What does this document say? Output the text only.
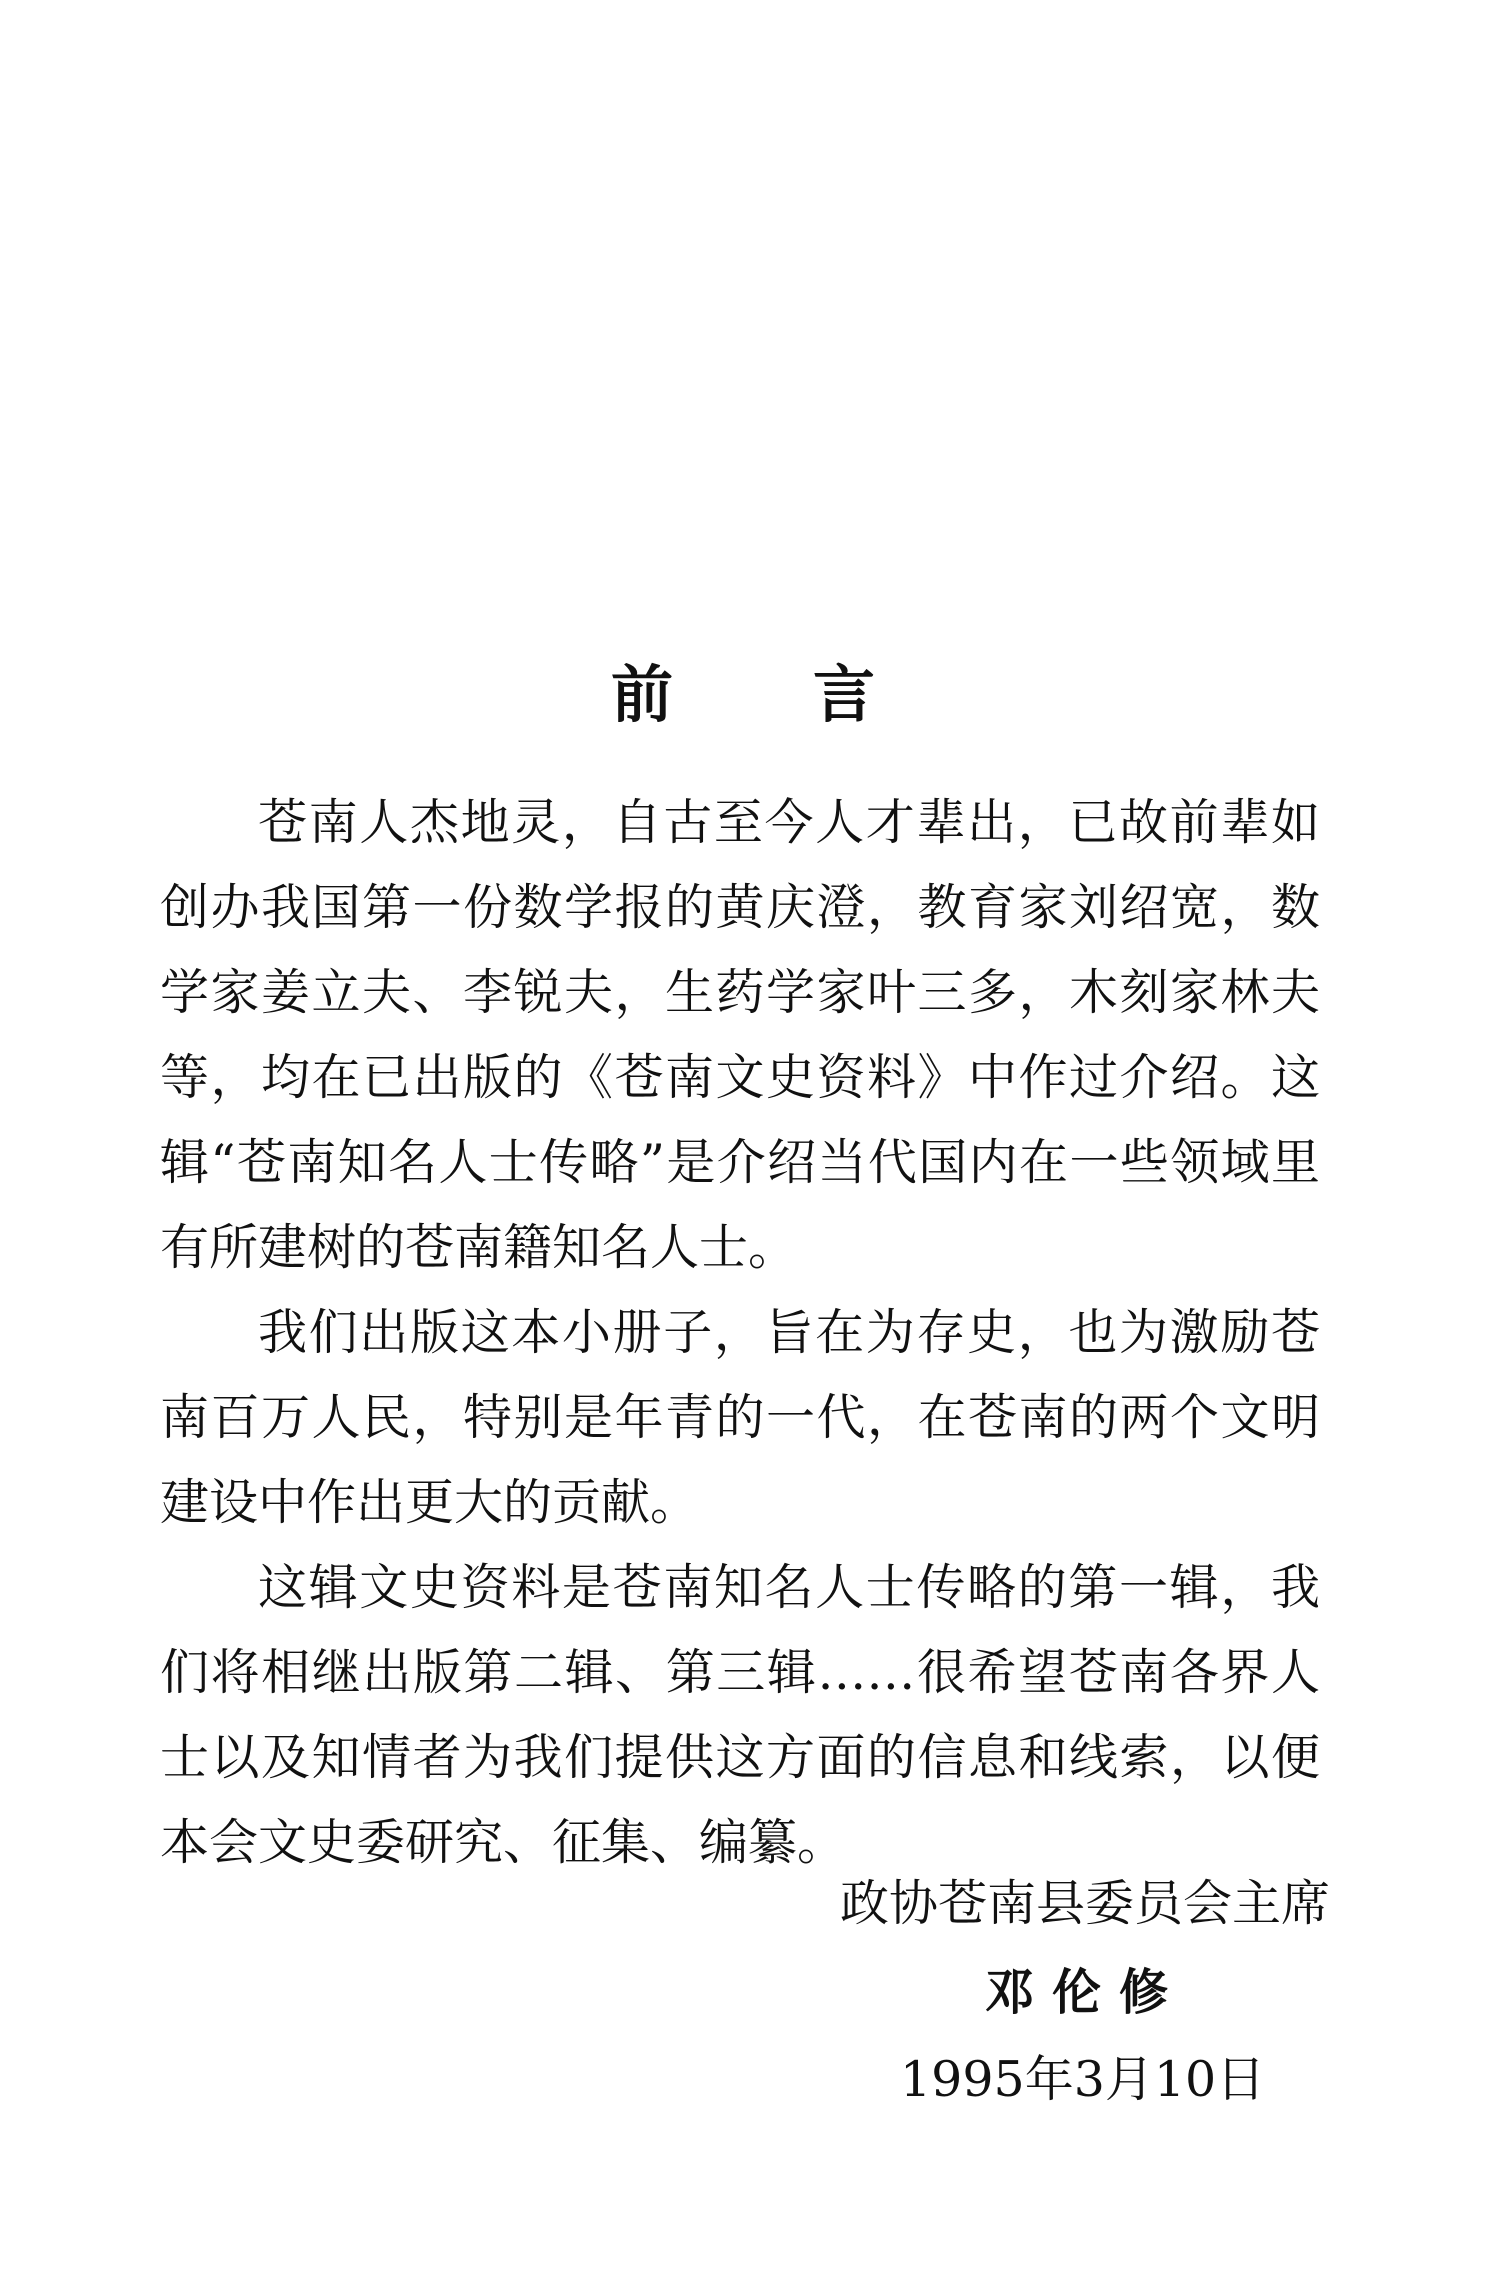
前言

苍南人杰地灵，自古至今人才辈出，已故前辈如创办我国第一份数学报的黄庆澄，教育家刘绍宽，数学家姜立夫、李锐夫，生药学家叶三多，木刻家林夫等，均在已出版的《苍南文史资料》中作过介绍。这辑“苍南知名人士传略”是介绍当代国内在一些领域里有所建树的苍南籍知名人士。

我们出版这本小册子，旨在为存史，也为激励苍南百万人民，特别是年青的一代，在苍南的两个文明建设中作出更大的贡献。

这辑文史资料是苍南知名人士传略的第一辑，我们将相继出版第二辑、第三辑……很希望苍南各界人士以及知情者为我们提供这方面的信息和线索，以便本会文史委研究、征集、编纂。

政协苍南县委员会主席
邓伦修
1995年3月10日
